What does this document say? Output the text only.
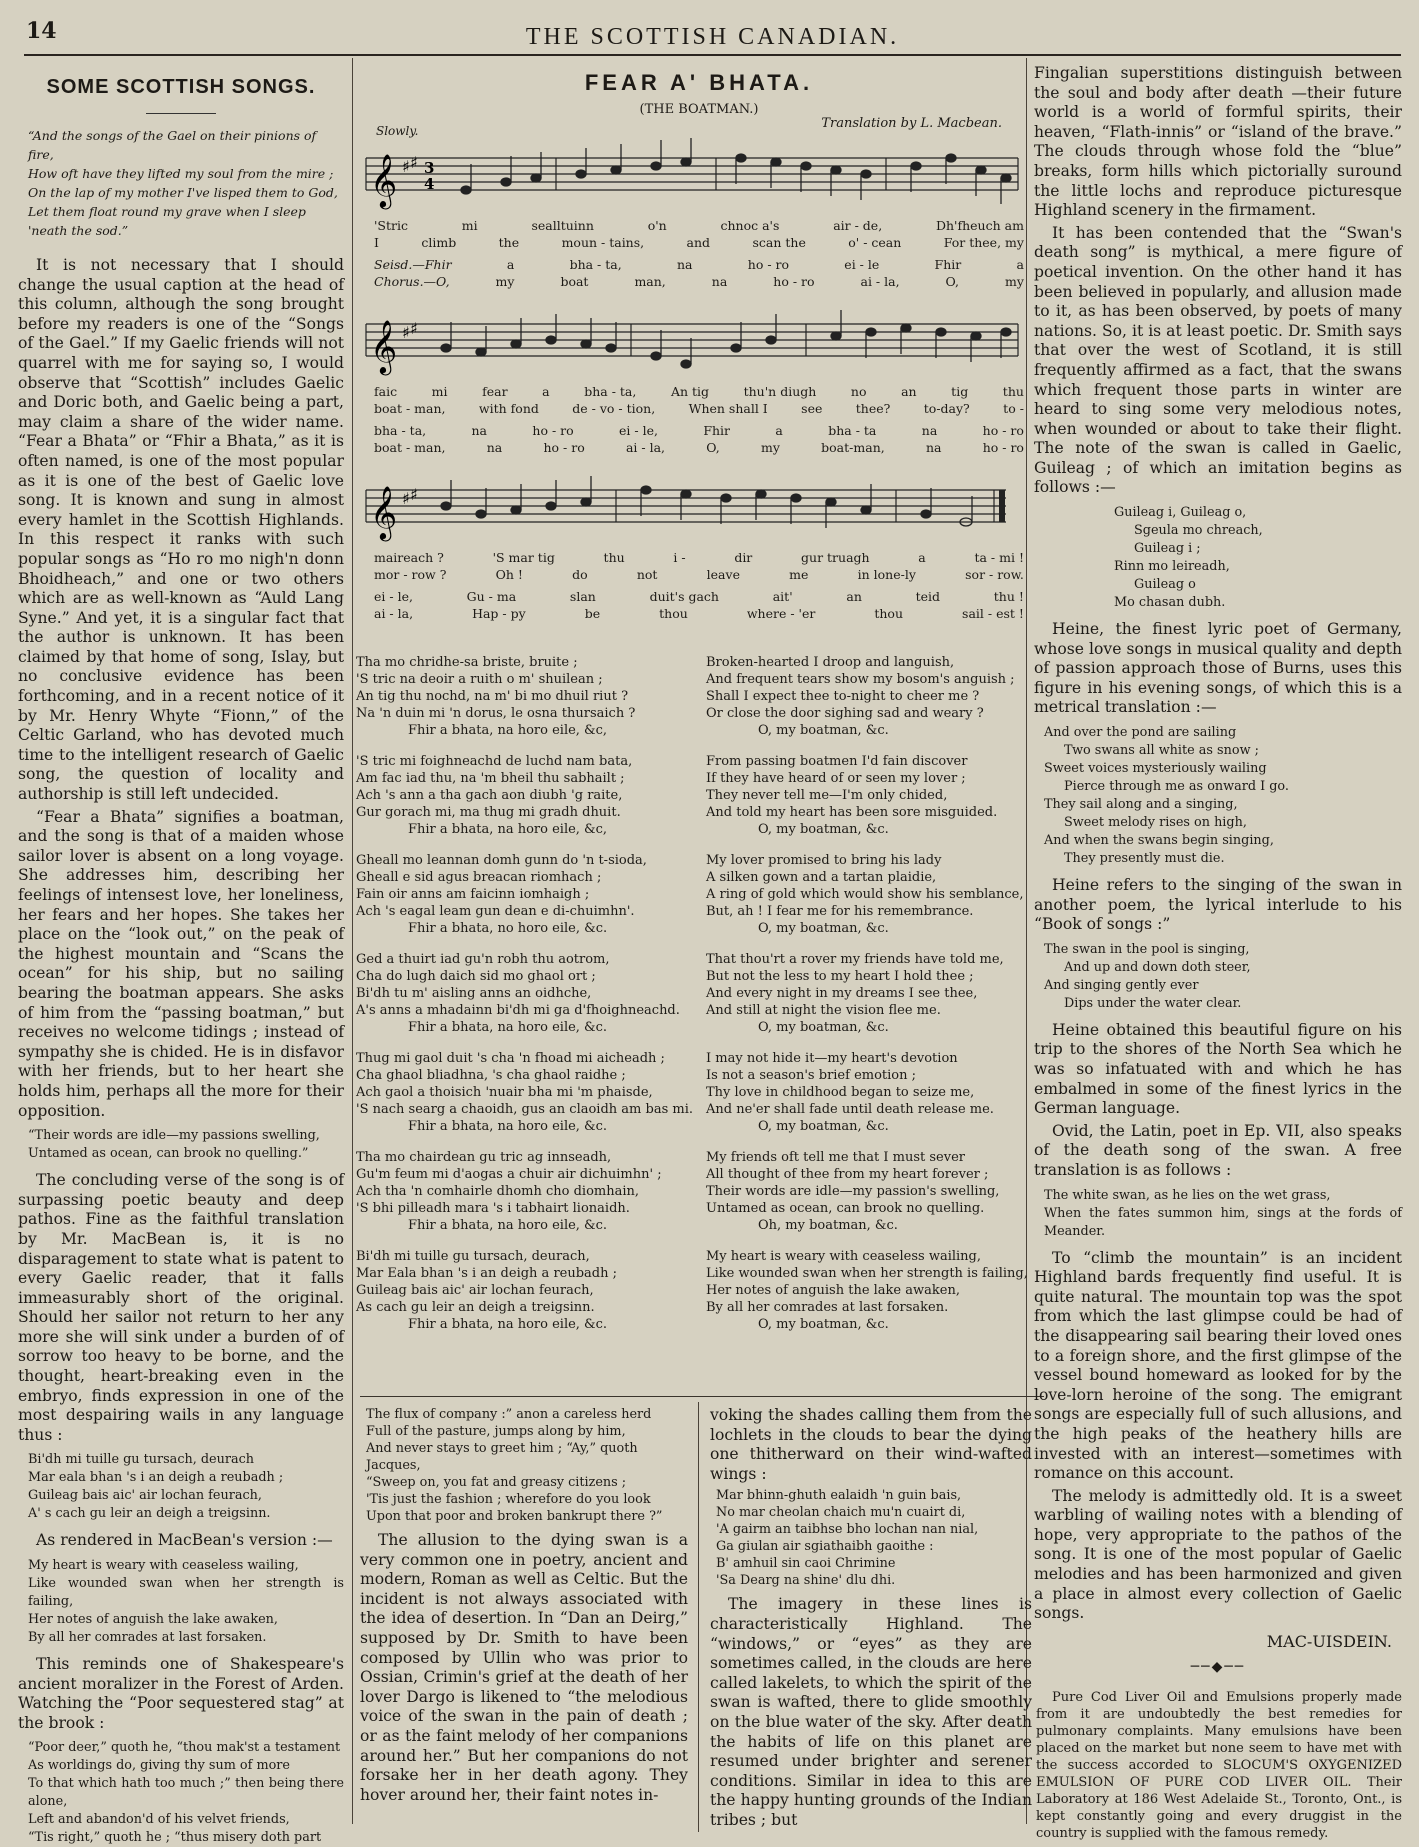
14	THE SCOTTISH CANADIAN.
SOME SCOTTISH SONGS.
“And the songs of the Gael on their pinions of fire,
How oft have they lifted my soul from the mire ;
On the lap of my mother I've lisped them to God,
Let them float round my grave when I sleep 'neath the sod.”

It is not necessary that I should change the usual caption at the head of this column, although the song brought before my readers is one of the “Songs of the Gael.” If my Gaelic friends will not quarrel with me for saying so, I would observe that “Scottish” includes Gaelic and Doric both, and Gaelic being a part, may claim a share of the wider name. “Fear a Bhata” or “Fhir a Bhata,” as it is often named, is one of the most popular as it is one of the best of Gaelic love song. It is known and sung in almost every hamlet in the Scottish Highlands. In this respect it ranks with such popular songs as “Ho ro mo nigh'n donn Bhoidheach,” and one or two others which are as well-known as “Auld Lang Syne.” And yet, it is a singular fact that the author is unknown. It has been claimed by that home of song, Islay, but no conclusive evidence has been forthcoming, and in a recent notice of it by Mr. Henry Whyte “Fionn,” of the Celtic Garland, who has devoted much time to the intelligent research of Gaelic song, the question of locality and authorship is still left undecided.

“Fear a Bhata” signifies a boatman, and the song is that of a maiden whose sailor lover is absent on a long voyage. She addresses him, describing her feelings of intensest love, her loneliness, her fears and her hopes. She takes her place on the “look out,” on the peak of the highest mountain and “Scans the ocean” for his ship, but no sailing bearing the boatman appears. She asks of him from the “passing boatman,” but receives no welcome tidings ; instead of sympathy she is chided. He is in disfavor with her friends, but to her heart she holds him, perhaps all the more for their opposition.

“Their words are idle—my passions swelling,
Untamed as ocean, can brook no quelling.”

The concluding verse of the song is of surpassing poetic beauty and deep pathos. Fine as the faithful translation by Mr. MacBean is, it is no disparagement to state what is patent to every Gaelic reader, that it falls immeasurably short of the original. Should her sailor not return to her any more she will sink under a burden of of sorrow too heavy to be borne, and the thought, heart-breaking even in the embryo, finds expression in one of the most despairing wails in any language thus :

Bi'dh mi tuille gu tursach, deurach
Mar eala bhan 's i an deigh a reubadh ;
Guileag bais aic' air lochan feurach,
A' s cach gu leir an deigh a treigsinn.

As rendered in MacBean's version :—

My heart is weary with ceaseless wailing,
Like wounded swan when her strength is failing,
Her notes of anguish the lake awaken,
By all her comrades at last forsaken.

This reminds one of Shakespeare's ancient moralizer in the Forest of Arden. Watching the “Poor sequestered stag” at the brook :

“Poor deer,” quoth he, “thou mak'st a testament
As worldings do, giving thy sum of more
To that which hath too much ;” then being there alone,
Left and abandon'd of his velvet friends,
“Tis right,” quoth he ; “thus misery doth part
FEAR A' BHATA.
(THE BOATMAN.)
Translation by L. Macbean.
Slowly.
𝄞 ♯ ♯ 3
4
'Stric	mi	sealltuinn	o'n	chnoc a's	air - de,	Dh'fheuch am
I	climb	the	moun - tains,	and	scan the	o' - cean	For thee, my
Seisd.—Fhir	a	bha - ta,	na	ho - ro	ei - le	Fhir	a
Chorus.—O,	my	boat	man,	na	ho - ro	ai - la,	O,	my
𝄞 ♯ ♯
faic	mi	fear	a	bha - ta,	An tig	thu'n diugh	no	an	tig	thu
boat - man,	with fond	de - vo - tion,	When shall I	see	thee?	to-day?	to -
bha - ta,	na	ho - ro	ei - le,	Fhir	a	bha - ta	na	ho - ro
boat - man,	na	ho - ro	ai - la,	O,	my	boat-man,	na	ho - ro
𝄞 ♯ ♯
maireach ?	'S mar tig	thu	i -	dir	gur truagh	a	ta - mi !
mor - row ?	Oh !	do	not	leave	me	in lone-ly	sor - row.
ei - le,	Gu - ma	slan	duit's gach	ait'	an	teid	thu !
ai - la,	Hap - py	be	thou	where - 'er	thou	sail - est !
Tha mo chridhe-sa briste, bruite ;
'S tric na deoir a ruith o m' shuilean ;
An tig thu nochd, na m' bi mo dhuil riut ?
Na 'n duin mi 'n dorus, le osna thursaich ?
Fhir a bhata, na horo eile, &c,
'S tric mi foighneachd de luchd nam bata,
Am fac iad thu, na 'm bheil thu sabhailt ;
Ach 's ann a tha gach aon diubh 'g raite,
Gur gorach mi, ma thug mi gradh dhuit.
Fhir a bhata, na horo eile, &c,
Gheall mo leannan domh gunn do 'n t-sioda,
Gheall e sid agus breacan riomhach ;
Fain oir anns am faicinn iomhaigh ;
Ach 's eagal leam gun dean e di-chuimhn'.
Fhir a bhata, no horo eile, &c.
Ged a thuirt iad gu'n robh thu aotrom,
Cha do lugh daich sid mo ghaol ort ;
Bi'dh tu m' aisling anns an oidhche,
A's anns a mhadainn bi'dh mi ga d'fhoighneachd.
Fhir a bhata, na horo eile, &c.
Thug mi gaol duit 's cha 'n fhoad mi aicheadh ;
Cha ghaol bliadhna, 's cha ghaol raidhe ;
Ach gaol a thoisich 'nuair bha mi 'm phaisde,
'S nach searg a chaoidh, gus an claoidh am bas mi.
Fhir a bhata, na horo eile, &c.
Tha mo chairdean gu tric ag innseadh,
Gu'm feum mi d'aogas a chuir air dichuimhn' ;
Ach tha 'n comhairle dhomh cho diomhain,
'S bhi pilleadh mara 's i tabhairt lionaidh.
Fhir a bhata, na horo eile, &c.
Bi'dh mi tuille gu tursach, deurach,
Mar Eala bhan 's i an deigh a reubadh ;
Guileag bais aic' air lochan feurach,
As cach gu leir an deigh a treigsinn.
Fhir a bhata, na horo eile, &c.
Broken-hearted I droop and languish,
And frequent tears show my bosom's anguish ;
Shall I expect thee to-night to cheer me ?
Or close the door sighing sad and weary ?
O, my boatman, &c.
From passing boatmen I'd fain discover
If they have heard of or seen my lover ;
They never tell me—I'm only chided,
And told my heart has been sore misguided.
O, my boatman, &c.
My lover promised to bring his lady
A silken gown and a tartan plaidie,
A ring of gold which would show his semblance,
But, ah ! I fear me for his remembrance.
O, my boatman, &c.
That thou'rt a rover my friends have told me,
But not the less to my heart I hold thee ;
And every night in my dreams I see thee,
And still at night the vision flee me.
O, my boatman, &c.
I may not hide it—my heart's devotion
Is not a season's brief emotion ;
Thy love in childhood began to seize me,
And ne'er shall fade until death release me.
O, my boatman, &c.
My friends oft tell me that I must sever
All thought of thee from my heart forever ;
Their words are idle—my passion's swelling,
Untamed as ocean, can brook no quelling.
Oh, my boatman, &c.
My heart is weary with ceaseless wailing,
Like wounded swan when her strength is failing,
Her notes of anguish the lake awaken,
By all her comrades at last forsaken.
O, my boatman, &c.
The flux of company :” anon a careless herd
Full of the pasture, jumps along by him,
And never stays to greet him ; “Ay,” quoth Jacques,
“Sweep on, you fat and greasy citizens ;
'Tis just the fashion ; wherefore do you look
Upon that poor and broken bankrupt there ?”

The allusion to the dying swan is a very common one in poetry, ancient and modern, Roman as well as Celtic. But the incident is not always associated with the idea of desertion. In “Dan an Deirg,” supposed by Dr. Smith to have been composed by Ullin who was prior to Ossian, Crimin's grief at the death of her lover Dargo is likened to “the melodious voice of the swan in the pain of death ; or as the faint melody of her companions around her.” But her companions do not forsake her in her death agony. They hover around her, their faint notes in-

voking the shades calling them from the lochlets in the clouds to bear the dying one thitherward on their wind-wafted wings :

Mar bhinn-ghuth ealaidh 'n guin bais,
No mar cheolan chaich mu'n cuairt di,
'A gairm an taibhse bho lochan nan nial,
Ga giulan air sgiathaibh gaoithe :
B' amhuil sin caoi Chrimine
'Sa Dearg na shine' dlu dhi.

The imagery in these lines is characteristically Highland. The “windows,” or “eyes” as they are sometimes called, in the clouds are here called lakelets, to which the spirit of the swan is wafted, there to glide smoothly on the blue water of the sky. After death the habits of life on this planet are resumed under brighter and serener conditions. Similar in idea to this are the happy hunting grounds of the Indian tribes ; but

Fingalian superstitions distinguish between the soul and body after death —their future world is a world of formful spirits, their heaven, “Flath-innis” or “island of the brave.” The clouds through whose fold the “blue” breaks, form hills which pictorially suround the little lochs and reproduce picturesque Highland scenery in the firmament.

It has been contended that the “Swan's death song” is mythical, a mere figure of poetical invention. On the other hand it has been believed in popularly, and allusion made to it, as has been observed, by poets of many nations. So, it is at least poetic. Dr. Smith says that over the west of Scotland, it is still frequently affirmed as a fact, that the swans which frequent those parts in winter are heard to sing some very melodious notes, when wounded or about to take their flight. The note of the swan is called in Gaelic, Guileag ; of which an imitation begins as follows :—

Guileag i, Guileag o,
Sgeula mo chreach,
Guileag i ;
Rinn mo leireadh,
Guileag o
Mo chasan dubh.

Heine, the finest lyric poet of Germany, whose love songs in musical quality and depth of passion approach those of Burns, uses this figure in his evening songs, of which this is a metrical translation :—

And over the pond are sailing
Two swans all white as snow ;
Sweet voices mysteriously wailing
Pierce through me as onward I go.
They sail along and a singing,
Sweet melody rises on high,
And when the swans begin singing,
They presently must die.

Heine refers to the singing of the swan in another poem, the lyrical interlude to his “Book of songs :”

The swan in the pool is singing,
And up and down doth steer,
And singing gently ever
Dips under the water clear.

Heine obtained this beautiful figure on his trip to the shores of the North Sea which he was so infatuated with and which he has embalmed in some of the finest lyrics in the German language.

Ovid, the Latin, poet in Ep. VII, also speaks of the death song of the swan. A free translation is as follows :

The white swan, as he lies on the wet grass,
When the fates summon him, sings at the fords of Meander.

To “climb the mountain” is an incident Highland bards frequently find useful. It is quite natural. The mountain top was the spot from which the last glimpse could be had of the disappearing sail bearing their loved ones to a foreign shore, and the first glimpse of the vessel bound homeward as looked for by the love-lorn heroine of the song. The emigrant songs are especially full of such allusions, and the high peaks of the heathery hills are invested with an interest—sometimes with romance on this account.

The melody is admittedly old. It is a sweet warbling of wailing notes with a blending of hope, very appropriate to the pathos of the song. It is one of the most popular of Gaelic melodies and has been harmonized and given a place in almost every collection of Gaelic songs.

MAC-UISDEIN.
──◆──

Pure Cod Liver Oil and Emulsions properly made from it are undoubtedly the best remedies for pulmonary complaints. Many emulsions have been placed on the market but none seem to have met with the success accorded to SLOCUM'S OXYGENIZED EMULSION OF PURE COD LIVER OIL. Their Laboratory at 186 West Adelaide St., Toronto, Ont., is kept constantly going and every druggist in the country is supplied with the famous remedy.
